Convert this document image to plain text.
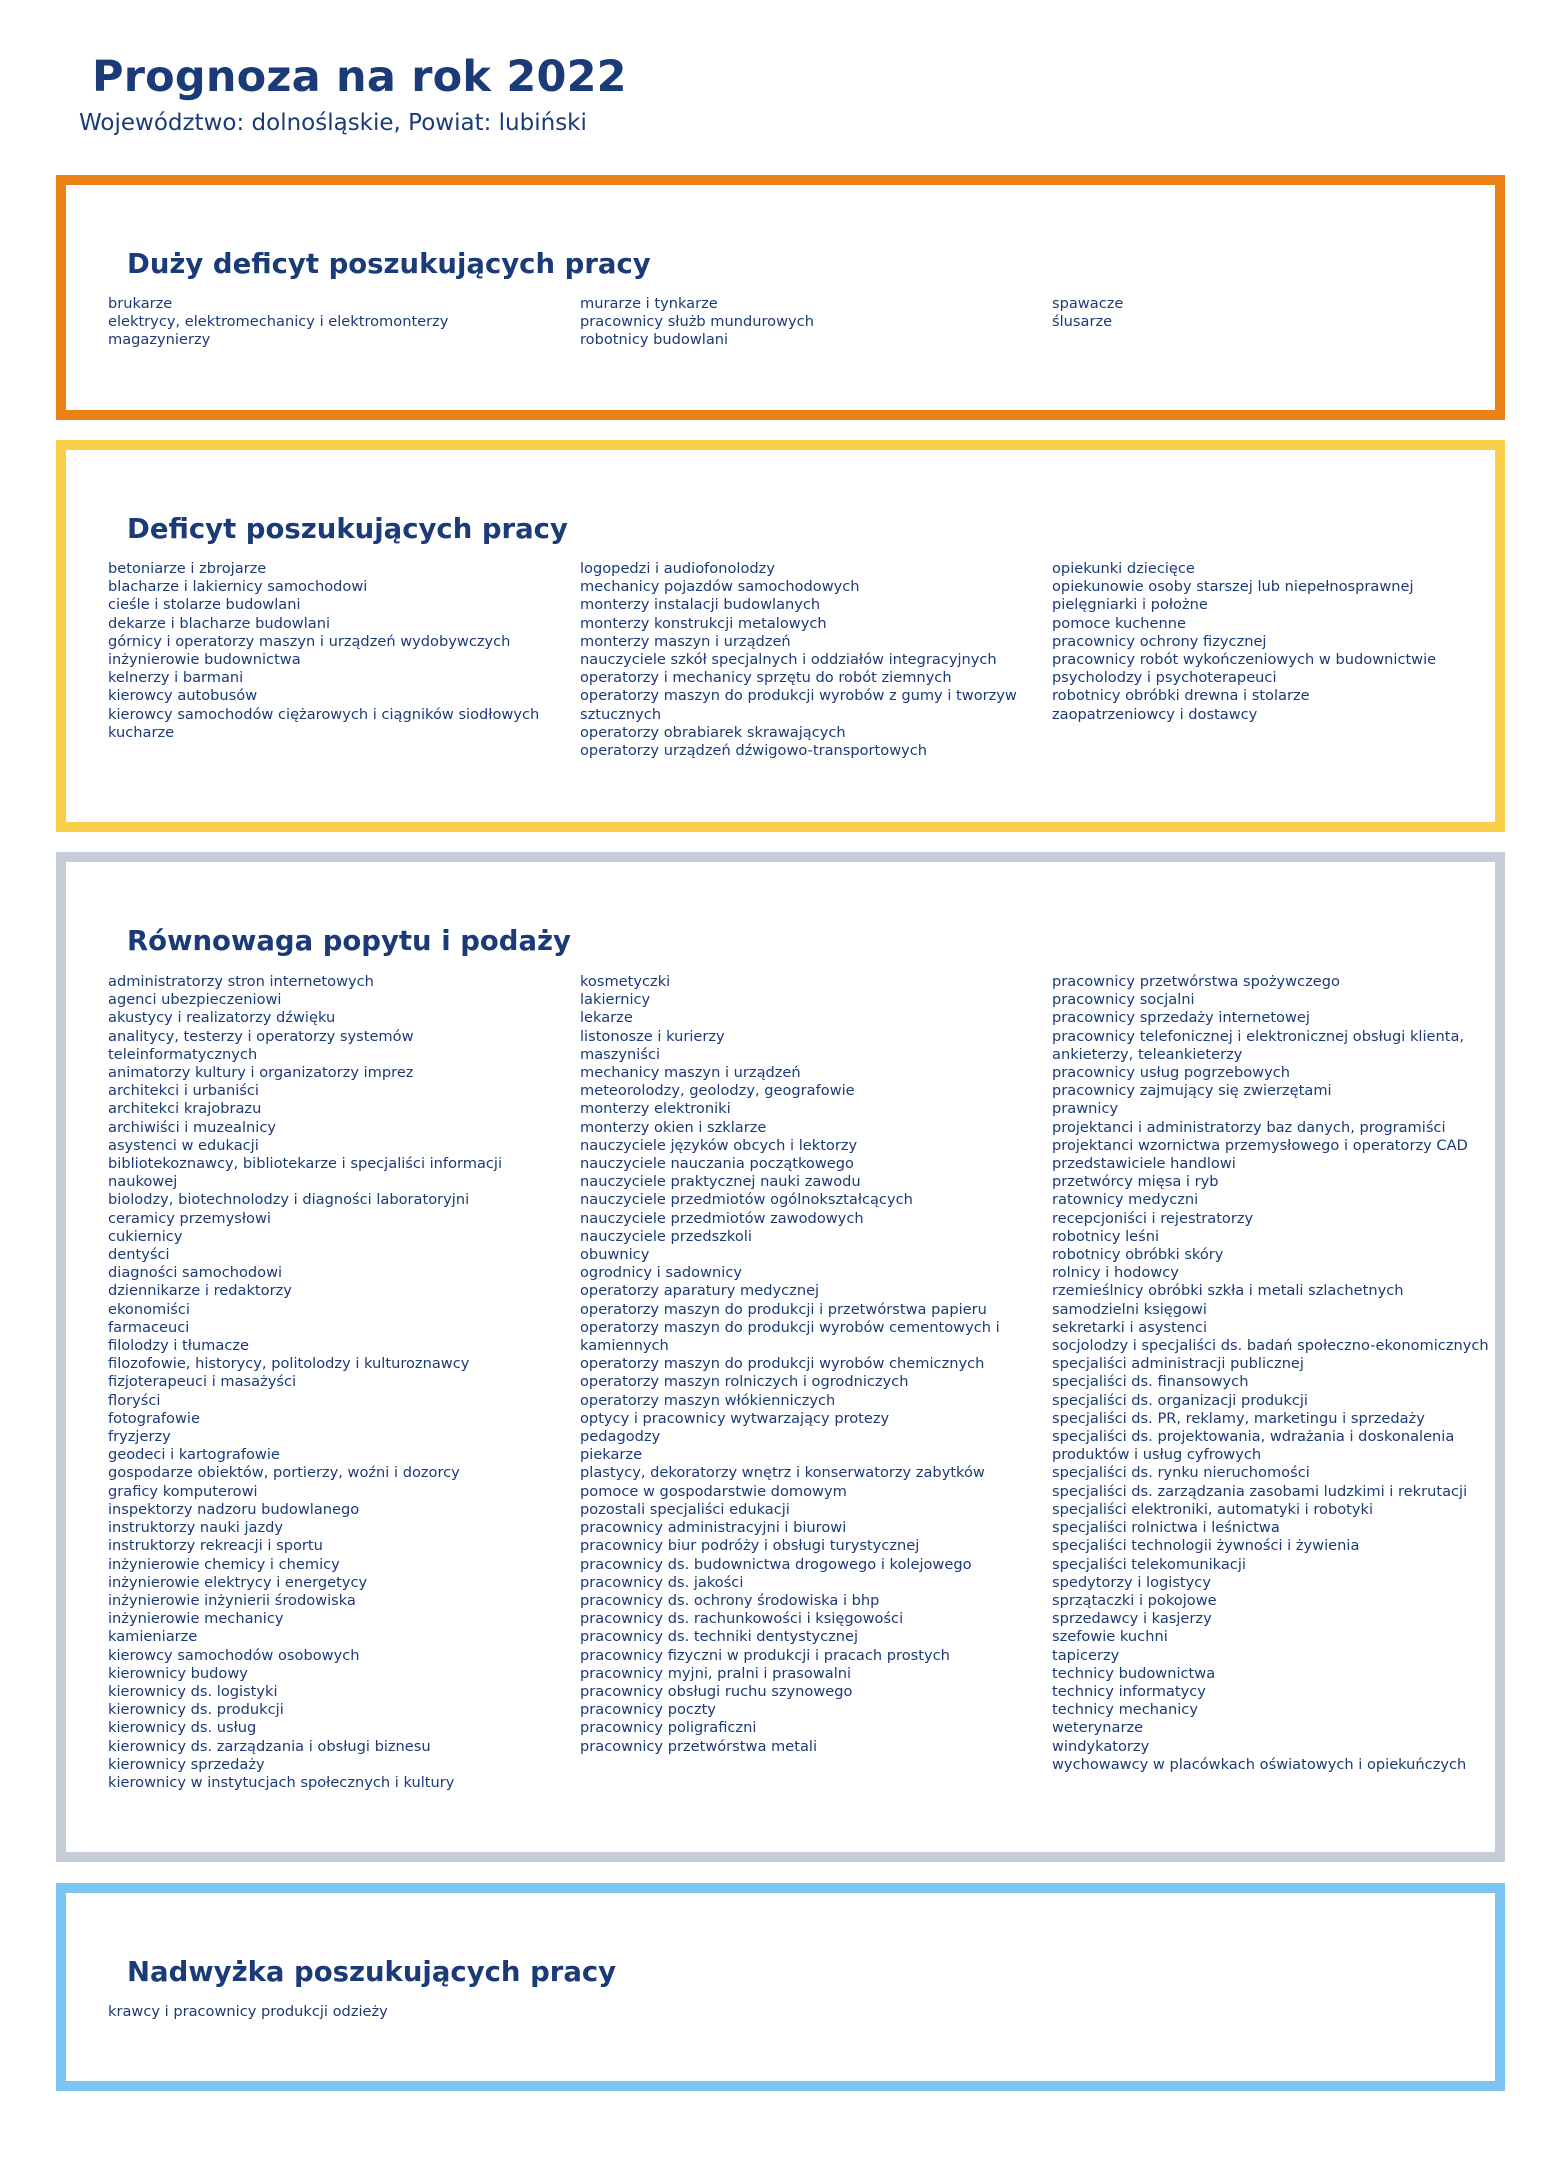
Prognoza na rok 2022
Województwo: dolnośląskie, Powiat: lubiński
Duży deficyt poszukujących pracy
brukarze
elektrycy, elektromechanicy i elektromonterzy
magazynierzy
murarze i tynkarze
pracownicy służb mundurowych
robotnicy budowlani
spawacze
ślusarze
Deficyt poszukujących pracy
betoniarze i zbrojarze
blacharze i lakiernicy samochodowi
cieśle i stolarze budowlani
dekarze i blacharze budowlani
górnicy i operatorzy maszyn i urządzeń wydobywczych
inżynierowie budownictwa
kelnerzy i barmani
kierowcy autobusów
kierowcy samochodów ciężarowych i ciągników siodłowych
kucharze
logopedzi i audiofonolodzy
mechanicy pojazdów samochodowych
monterzy instalacji budowlanych
monterzy konstrukcji metalowych
monterzy maszyn i urządzeń
nauczyciele szkół specjalnych i oddziałów integracyjnych
operatorzy i mechanicy sprzętu do robót ziemnych
operatorzy maszyn do produkcji wyrobów z gumy i tworzyw
sztucznych
operatorzy obrabiarek skrawających
operatorzy urządzeń dźwigowo-transportowych
opiekunki dziecięce
opiekunowie osoby starszej lub niepełnosprawnej
pielęgniarki i położne
pomoce kuchenne
pracownicy ochrony fizycznej
pracownicy robót wykończeniowych w budownictwie
psycholodzy i psychoterapeuci
robotnicy obróbki drewna i stolarze
zaopatrzeniowcy i dostawcy
Równowaga popytu i podaży
administratorzy stron internetowych
agenci ubezpieczeniowi
akustycy i realizatorzy dźwięku
analitycy, testerzy i operatorzy systemów
teleinformatycznych
animatorzy kultury i organizatorzy imprez
architekci i urbaniści
architekci krajobrazu
archiwiści i muzealnicy
asystenci w edukacji
bibliotekoznawcy, bibliotekarze i specjaliści informacji
naukowej
biolodzy, biotechnolodzy i diagności laboratoryjni
ceramicy przemysłowi
cukiernicy
dentyści
diagności samochodowi
dziennikarze i redaktorzy
ekonomiści
farmaceuci
filolodzy i tłumacze
filozofowie, historycy, politolodzy i kulturoznawcy
fizjoterapeuci i masażyści
floryści
fotografowie
fryzjerzy
geodeci i kartografowie
gospodarze obiektów, portierzy, woźni i dozorcy
graficy komputerowi
inspektorzy nadzoru budowlanego
instruktorzy nauki jazdy
instruktorzy rekreacji i sportu
inżynierowie chemicy i chemicy
inżynierowie elektrycy i energetycy
inżynierowie inżynierii środowiska
inżynierowie mechanicy
kamieniarze
kierowcy samochodów osobowych
kierownicy budowy
kierownicy ds. logistyki
kierownicy ds. produkcji
kierownicy ds. usług
kierownicy ds. zarządzania i obsługi biznesu
kierownicy sprzedaży
kierownicy w instytucjach społecznych i kultury
kosmetyczki
lakiernicy
lekarze
listonosze i kurierzy
maszyniści
mechanicy maszyn i urządzeń
meteorolodzy, geolodzy, geografowie
monterzy elektroniki
monterzy okien i szklarze
nauczyciele języków obcych i lektorzy
nauczyciele nauczania początkowego
nauczyciele praktycznej nauki zawodu
nauczyciele przedmiotów ogólnokształcących
nauczyciele przedmiotów zawodowych
nauczyciele przedszkoli
obuwnicy
ogrodnicy i sadownicy
operatorzy aparatury medycznej
operatorzy maszyn do produkcji i przetwórstwa papieru
operatorzy maszyn do produkcji wyrobów cementowych i
kamiennych
operatorzy maszyn do produkcji wyrobów chemicznych
operatorzy maszyn rolniczych i ogrodniczych
operatorzy maszyn włókienniczych
optycy i pracownicy wytwarzający protezy
pedagodzy
piekarze
plastycy, dekoratorzy wnętrz i konserwatorzy zabytków
pomoce w gospodarstwie domowym
pozostali specjaliści edukacji
pracownicy administracyjni i biurowi
pracownicy biur podróży i obsługi turystycznej
pracownicy ds. budownictwa drogowego i kolejowego
pracownicy ds. jakości
pracownicy ds. ochrony środowiska i bhp
pracownicy ds. rachunkowości i księgowości
pracownicy ds. techniki dentystycznej
pracownicy fizyczni w produkcji i pracach prostych
pracownicy myjni, pralni i prasowalni
pracownicy obsługi ruchu szynowego
pracownicy poczty
pracownicy poligraficzni
pracownicy przetwórstwa metali
pracownicy przetwórstwa spożywczego
pracownicy socjalni
pracownicy sprzedaży internetowej
pracownicy telefonicznej i elektronicznej obsługi klienta,
ankieterzy, teleankieterzy
pracownicy usług pogrzebowych
pracownicy zajmujący się zwierzętami
prawnicy
projektanci i administratorzy baz danych, programiści
projektanci wzornictwa przemysłowego i operatorzy CAD
przedstawiciele handlowi
przetwórcy mięsa i ryb
ratownicy medyczni
recepcjoniści i rejestratorzy
robotnicy leśni
robotnicy obróbki skóry
rolnicy i hodowcy
rzemieślnicy obróbki szkła i metali szlachetnych
samodzielni księgowi
sekretarki i asystenci
socjolodzy i specjaliści ds. badań społeczno-ekonomicznych
specjaliści administracji publicznej
specjaliści ds. finansowych
specjaliści ds. organizacji produkcji
specjaliści ds. PR, reklamy, marketingu i sprzedaży
specjaliści ds. projektowania, wdrażania i doskonalenia
produktów i usług cyfrowych
specjaliści ds. rynku nieruchomości
specjaliści ds. zarządzania zasobami ludzkimi i rekrutacji
specjaliści elektroniki, automatyki i robotyki
specjaliści rolnictwa i leśnictwa
specjaliści technologii żywności i żywienia
specjaliści telekomunikacji
spedytorzy i logistycy
sprzątaczki i pokojowe
sprzedawcy i kasjerzy
szefowie kuchni
tapicerzy
technicy budownictwa
technicy informatycy
technicy mechanicy
weterynarze
windykatorzy
wychowawcy w placówkach oświatowych i opiekuńczych
Nadwyżka poszukujących pracy
krawcy i pracownicy produkcji odzieży
